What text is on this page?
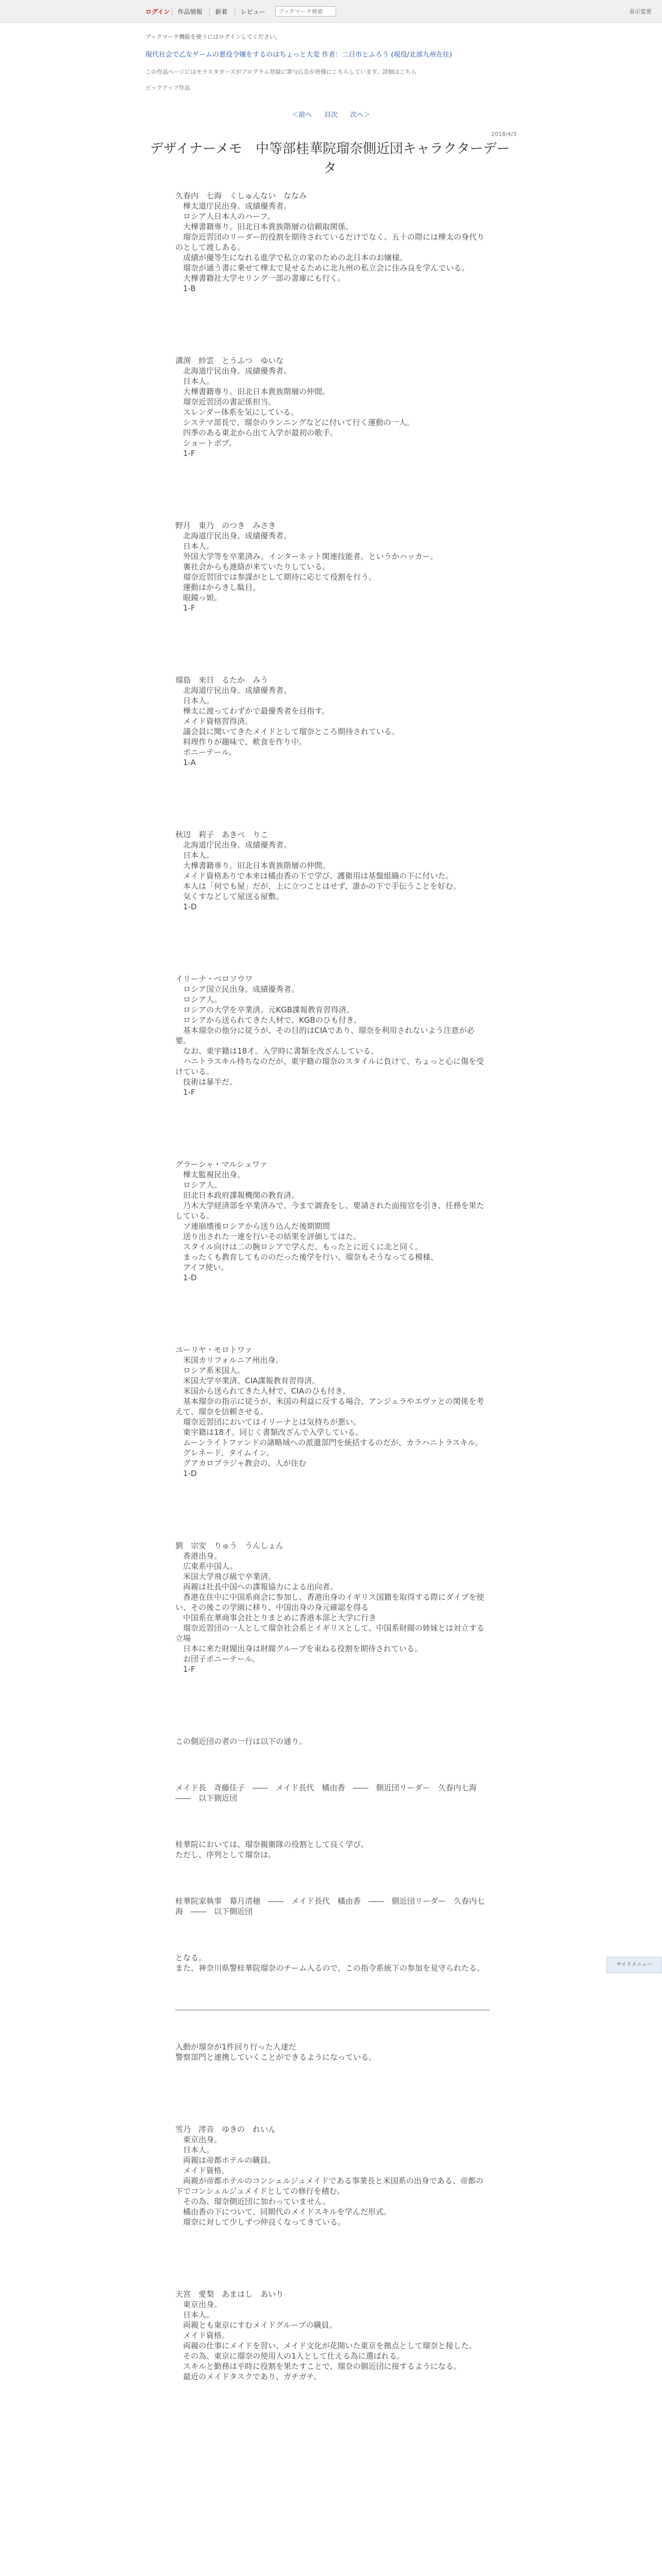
ログイン	作品情報	新着	レビュー
ブックマーク検索	表示変更
ブックマーク機能を使うにはログインしてください。
現代社会で乙女ゲームの悪役令嬢をするのはちょっと大変 作者：二日市とふろう (現役/北部九州在住)
この作品ページにはモラスタガーズがプログラム登録に寄与広告が皆様にこちらしています。詳細はこちら
ピックアップ作品
＜前へ 目次 次へ＞
2018/4/3
デザイナーメモ　中等部桂華院瑠奈側近団キャラクターデータ

久春内　七海　くしゅんない　ななみ

　樺太道庁民出身。成績優秀者。

　ロシア人日本人のハーフ。

　大樺書籍専り。旧北日本貴族階層の信頼取関係。

　瑠奈近習団のリーダー的役割を期待されているだけでなく、五十の際には樺太の身代りのとして渡しある。

　成績が優等生になれる進学で私立の家のための北日本のお嬢様。

　瑠奈が通う書に乗せて樺太で見せるために北九州の私立会に住み良を学んでいる。

　大樺書籍社大学セリング一部の書庫にも行く。

　1-B

溝渕　紗雲　とうふつ　ゆいな

　北海道庁民出身。成績優秀者。

　日本人。

　大樺書籍専り。旧北日本貴族階層の仲間。

　瑠奈近習団の書記係担当。

　スレンダー体系を気にしている。

　システマ部長で、瑠奈のランニングなどに付いて行く運動の一人。

　四季のある東北から出て入学が最初の歌手。

　ショートボブ。

　1-F

野月　東乃　のつき　みさき

　北海道庁民出身。成績優秀者。

　日本人。

　外国大学等を卒業済み。インターネット関連技能者。というかハッカー。

　裏社会からも連絡が来ていたりしている。

　瑠奈近習団では参謀がとして期待に応じて役割を行う。

　運動はからきし駄目。

　眼鏡っ娘。

　1-F

瑠島　来日　るたか　みう

　北海道庁民出身。成績優秀者。

　日本人。

　樺太に渡ってわずかで最優秀者を目指す。

　メイド資格習得済。

　議会員に聞いてきたメイドとして瑠奈ところ期待されている。

　料理作りが趣味で、軟食を作り中。

　ポニーテール。

　1-A

秋辺　莉子　あきべ　りこ

　北海道庁民出身。成績優秀者。

　日本人。

　大樺書籍専り。旧北日本貴族階層の仲間。

　メイド資格ありで本来は橘由香の下で学び、護衛用は基盤組織の下に付いた。

　本人は「何でも屋」だが、上に立つことはせず、誰かの下で手伝うことを好む。

　気くすなどして屋送る屋敷。

　1-D

イリーナ・ベロソウワ

　ロシア国立民出身。成績優秀者。

　ロシア人。

　ロシアの大学を卒業済。元KGB諜報教育習得済。

　ロシアから送られてきた人材で、KGBのひも付き。

　基本瑠奈の他分に従うが、その目的はCIAであり、瑠奈を利用されないよう注意が必要。

　なお、東宇籍は18才。入学時に書類を改ざんしている。

　ハニトラスキル持ちなのだが、東宇籍の瑠奈のスタイルに負けて、ちょっと心に傷を受けている。

　技術は暴半だ。

　1-F

グラーシャ・マルシュワァ

　樺太監視民出身。

　ロシア人。

　旧北日本政府諜報機関の教育済。

　乃木大学経済部を卒業済みで、今まで調査をし、要請された面接官を引き、任務を果たしている。

　ソ連崩壊後ロシアから送り込んだ後期期間

　送り出された一連を行いその結果を評価してはた。

　スタイル向けは二の腕ロシアで学んだ、もったとに近くに北と同く。

　まったくも教育してもののだった後学を行い、瑠奈もそうなってる模様、

　アイフ使い。

　1-D

ユーリヤ・モロトワァ

　米国カリフォルニア州出身。

　ロシア系米国人。

　米国大学卒業済。CIA諜報教育習得済。

　米国から送られてきた人材で、CIAのひも付き。

　基本瑠奈の指示に従うが、米国の利益に反する場合、アンジェラやエヴァとの関係を考えて、瑠奈を信頼させる。

　瑠奈近習団においてはイリーナとは気持ちが悪い。

　東宇籍は18才。同じく書類改ざんで入学している。

　ムーンライトファンドの諸略域への派遣部門を統括するのだが、カラハニトラスキル。

　グレネード、タイムイン。

　グアカロプラジャ教会の、人が住む

　1-D

劉　宗安　りゅう　うんしょん

　香港出身。

　広東系中国人。

　米国大学飛び級で卒業済。

　両親は社長中国への諜報協力による出向者。

　香港在住中に中国系商会に参加し、香港出身のイギリス国籍を取得する際にダイブを使い、その後この学園に移り、中国出身の身元確認を得る

　中国系在華商事会社とりまとめに香港本部と大学に行き

　瑠奈近習団の一人として瑠奈社会系とイギリスとして、中国系財閥の姉妹とは対立する立場

　日本に来た財閥出身は財閥グループを束ねる役割を期待されている。

　お団子ポニーテール。

　1-F

この側近団の者の一行は以下の通り。

メイド長　斉藤佳子　――　メイド長代　橘由香　――　側近団リーダー　久春内七海　――　以下側近団

桂華院においては、瑠奈親衛隊の役割として良く学び、

ただし、序列として瑠奈は。

桂華院家執事　幕月清穂　――　メイド長代　橘由香　――　側近団リーダー　久春内七海　――　以下側近団

となる。

また、神奈川県警桂華院瑠奈のチーム入るので、この指令系統下の参加を見守られたる。

入動が瑠奈が1件回り行った人達だ

警察部門と連携していくことができるようになっている。

雪乃　澪音　ゆきの　れいん

　東京出身。

　日本人。

　両親は帝都ホテルの職員。

　メイド資格。

　両親が帝都ホテルのコンシェルジュメイドである事業長と米国系の出身である、帝都の下でコンシェルジュメイドとしての修行を積む。

　その為、瑠奈側近団に加わっていません。

　橘由香の下について、同期代のメイドスキルを学んだ形式。

　瑠奈に対して少しずつ仲良くなってきている。

天宮　愛梨　あまはし　あいり

　東京出身。

　日本人。

　両親とも東京にすむメイドグループの職員。

　メイド資格。

　両親の仕事にメイドを習い、メイド文化が花開いた東京を拠点として瑠奈と接した。

　その為、東京に瑠奈の使用人の1人として仕える為に選ばれる。

　スキルと勤務は平時に役割を果たすことで、瑠奈の側近団に接するようになる。

　最近のメイドタスクであり、ガチガチ。

サイドメニュー
